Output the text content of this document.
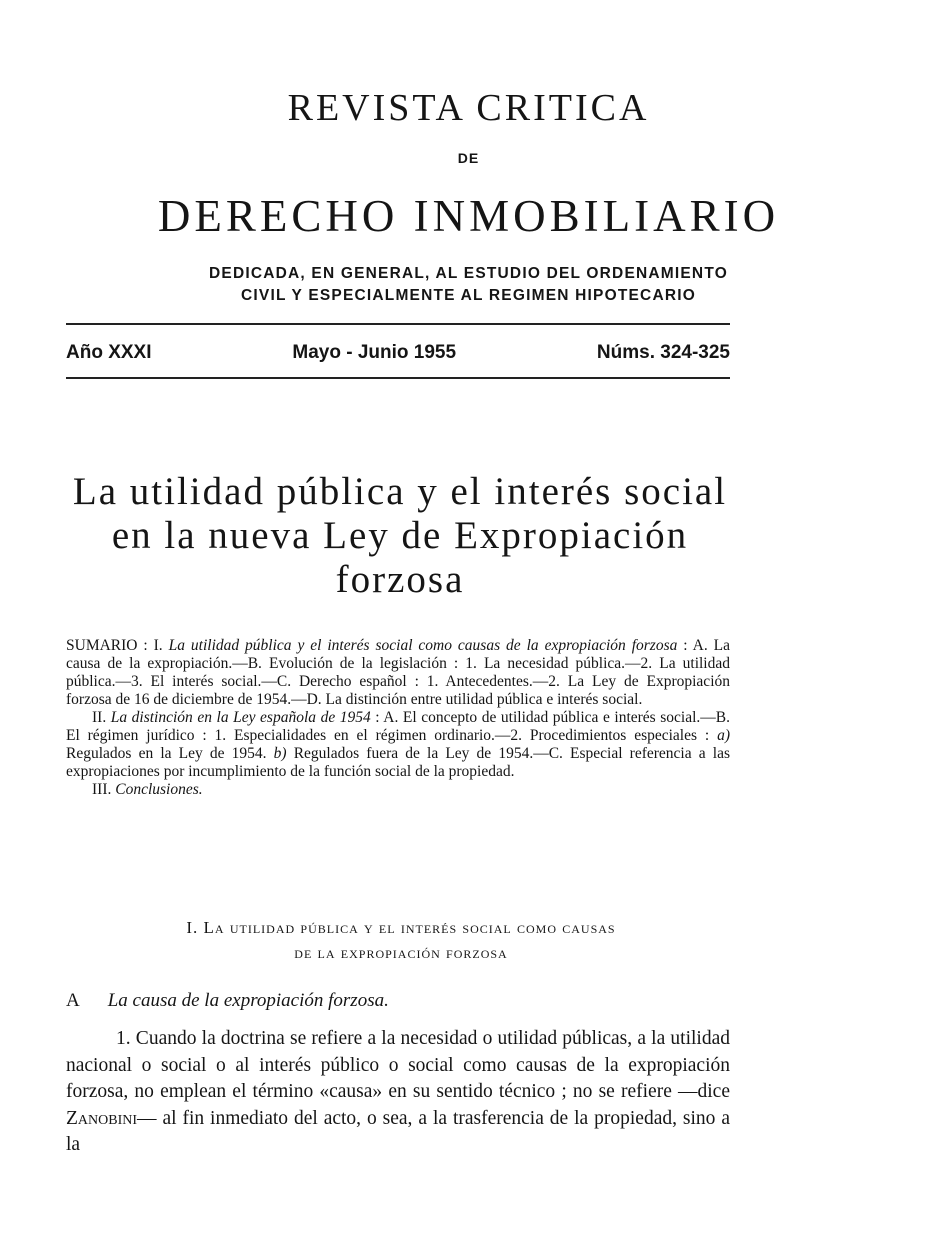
REVISTA CRITICA
DE
DERECHO INMOBILIARIO
DEDICADA, EN GENERAL, AL ESTUDIO DEL ORDENAMIENTO
CIVIL Y ESPECIALMENTE AL REGIMEN HIPOTECARIO
Año XXXI	Mayo - Junio 1955	Núms. 324-325
La utilidad pública y el interés social
en la nueva Ley de Expropiación
forzosa

SUMARIO : I. La utilidad pública y el interés social como causas de la expropiación forzosa : A. La causa de la expropiación.—B. Evolución de la legislación : 1. La necesidad pública.—2. La utilidad pública.—3. El interés social.—C. Derecho español : 1. Antecedentes.—2. La Ley de Expropiación forzosa de 16 de diciembre de 1954.—D. La distinción entre utilidad pública e interés social.

II. La distinción en la Ley española de 1954 : A. El concepto de utilidad pública e interés social.—B. El régimen jurídico : 1. Especialidades en el régimen ordinario.—2. Procedimientos especiales : a) Regulados en la Ley de 1954. b) Regulados fuera de la Ley de 1954.—C. Especial referencia a las expropiaciones por incumplimiento de la función social de la propiedad.

III. Conclusiones.

I. La utilidad pública y el interés social como causas
de la expropiación forzosa
A La causa de la expropiación forzosa.

1. Cuando la doctrina se refiere a la necesidad o utilidad públicas, a la utilidad nacional o social o al interés público o social como causas de la expropiación forzosa, no emplean el término «causa» en su sentido técnico ; no se refiere —dice Zanobini— al fin inmediato del acto, o sea, a la trasferencia de la propiedad, sino a la
